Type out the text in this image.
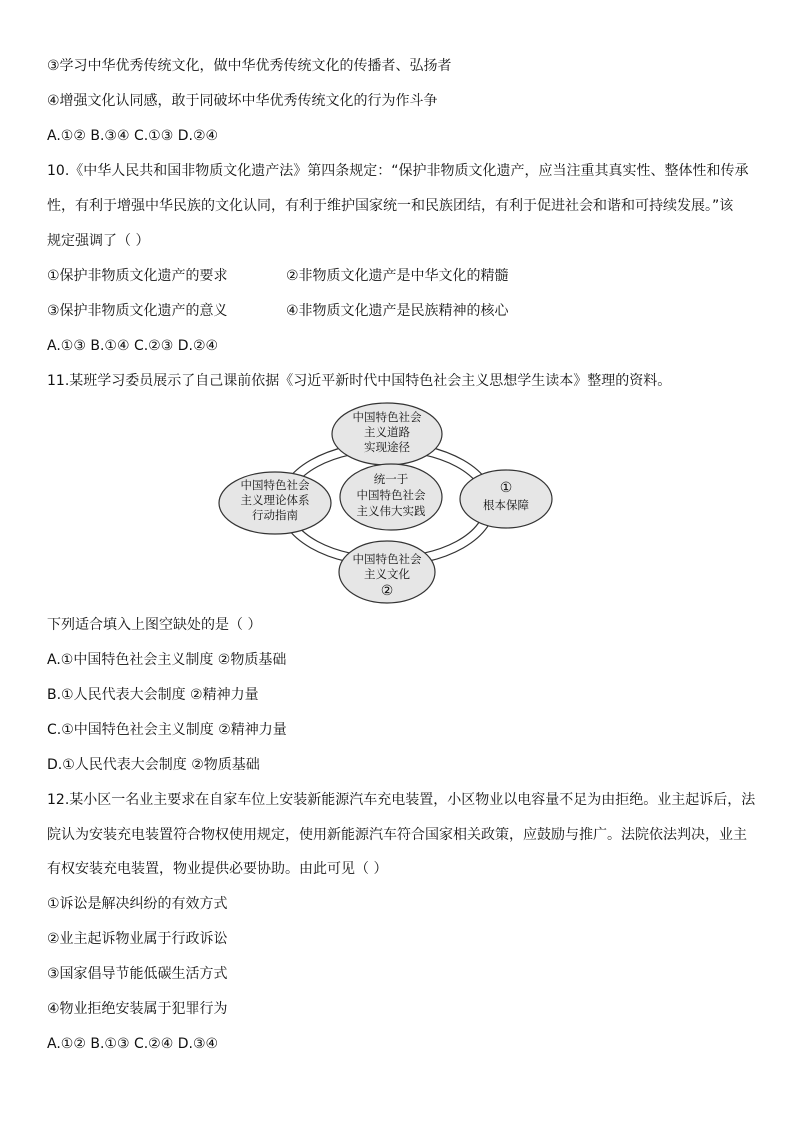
③学习中华优秀传统文化，做中华优秀传统文化的传播者、弘扬者
④增强文化认同感，敢于同破坏中华优秀传统文化的行为作斗争
A.①② B.③④ C.①③ D.②④
10.《中华人民共和国非物质文化遗产法》第四条规定：“保护非物质文化遗产，应当注重其真实性、整体性和传承
性，有利于增强中华民族的文化认同，有利于维护国家统一和民族团结，有利于促进社会和谐和可持续发展。”该
规定强调了（ ）
①保护非物质文化遗产的要求	②非物质文化遗产是中华文化的精髓
③保护非物质文化遗产的意义	④非物质文化遗产是民族精神的核心
A.①③ B.①④ C.②③ D.②④
11.某班学习委员展示了自己课前依据《习近平新时代中国特色社会主义思想学生读本》整理的资料。
中国特色社会
主义道路
实现途径
中国特色社会
主义理论体系
行动指南
①
根本保障
中国特色社会
主义文化
②
统一于
中国特色社会
主义伟大实践
下列适合填入上图空缺处的是（ ）
A.①中国特色社会主义制度 ②物质基础
B.①人民代表大会制度 ②精神力量
C.①中国特色社会主义制度 ②精神力量
D.①人民代表大会制度 ②物质基础
12.某小区一名业主要求在自家车位上安装新能源汽车充电装置，小区物业以电容量不足为由拒绝。业主起诉后，法
院认为安装充电装置符合物权使用规定，使用新能源汽车符合国家相关政策，应鼓励与推广。法院依法判决，业主
有权安装充电装置，物业提供必要协助。由此可见（ ）
①诉讼是解决纠纷的有效方式
②业主起诉物业属于行政诉讼
③国家倡导节能低碳生活方式
④物业拒绝安装属于犯罪行为
A.①② B.①③ C.②④ D.③④
